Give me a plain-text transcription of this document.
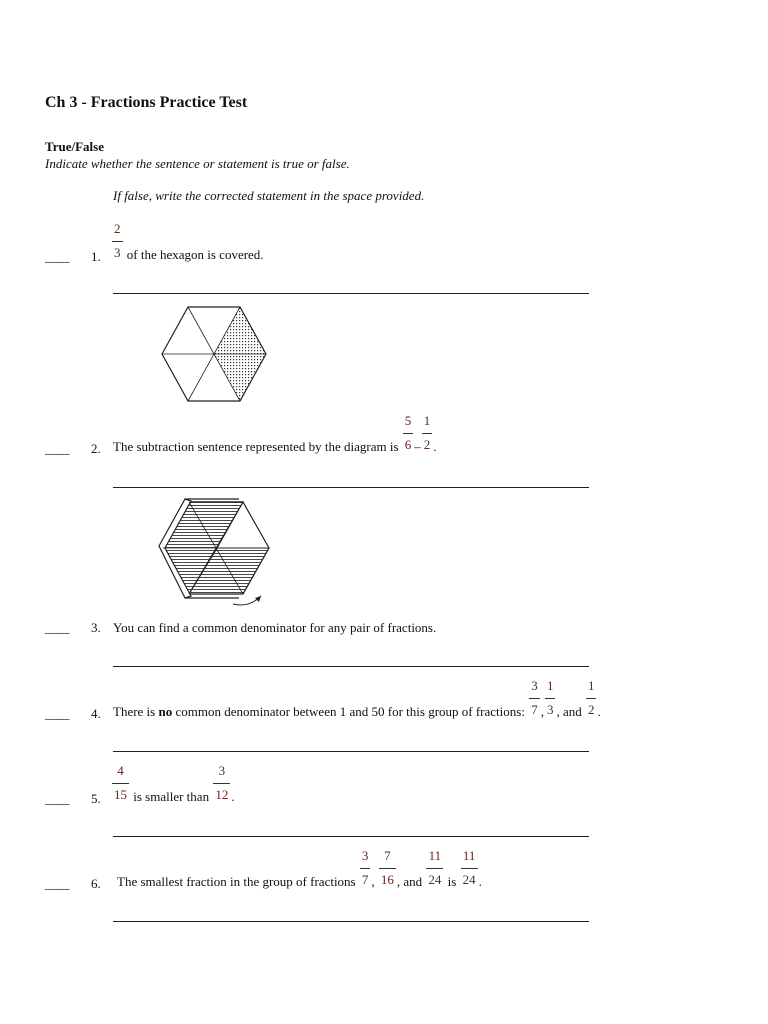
Ch 3 - Fractions Practice Test
True/False
Indicate whether the sentence or statement is true or false.
If false, write the corrected statement in the space provided.
____ 1. $\frac{2}{3}$ of the hexagon is covered.
____ 2. The subtraction sentence represented by the diagram is $\frac{5}{6} - \frac{1}{2}$ .
____ 3. You can find a common denominator for any pair of fractions.
____ 4. There is no common denominator between 1 and 50 for this group of fractions: $\frac{3}{7}$ , $\frac{1}{3}$ , and $\frac{1}{2}$ .
____ 5. $\frac{4}{15}$ is smaller than $\frac{3}{12}$ .
____ 6. The smallest fraction in the group of fractions $\frac{3}{7}$ , $\frac{7}{16}$ , and $\frac{11}{24}$ is $\frac{11}{24}$ .
